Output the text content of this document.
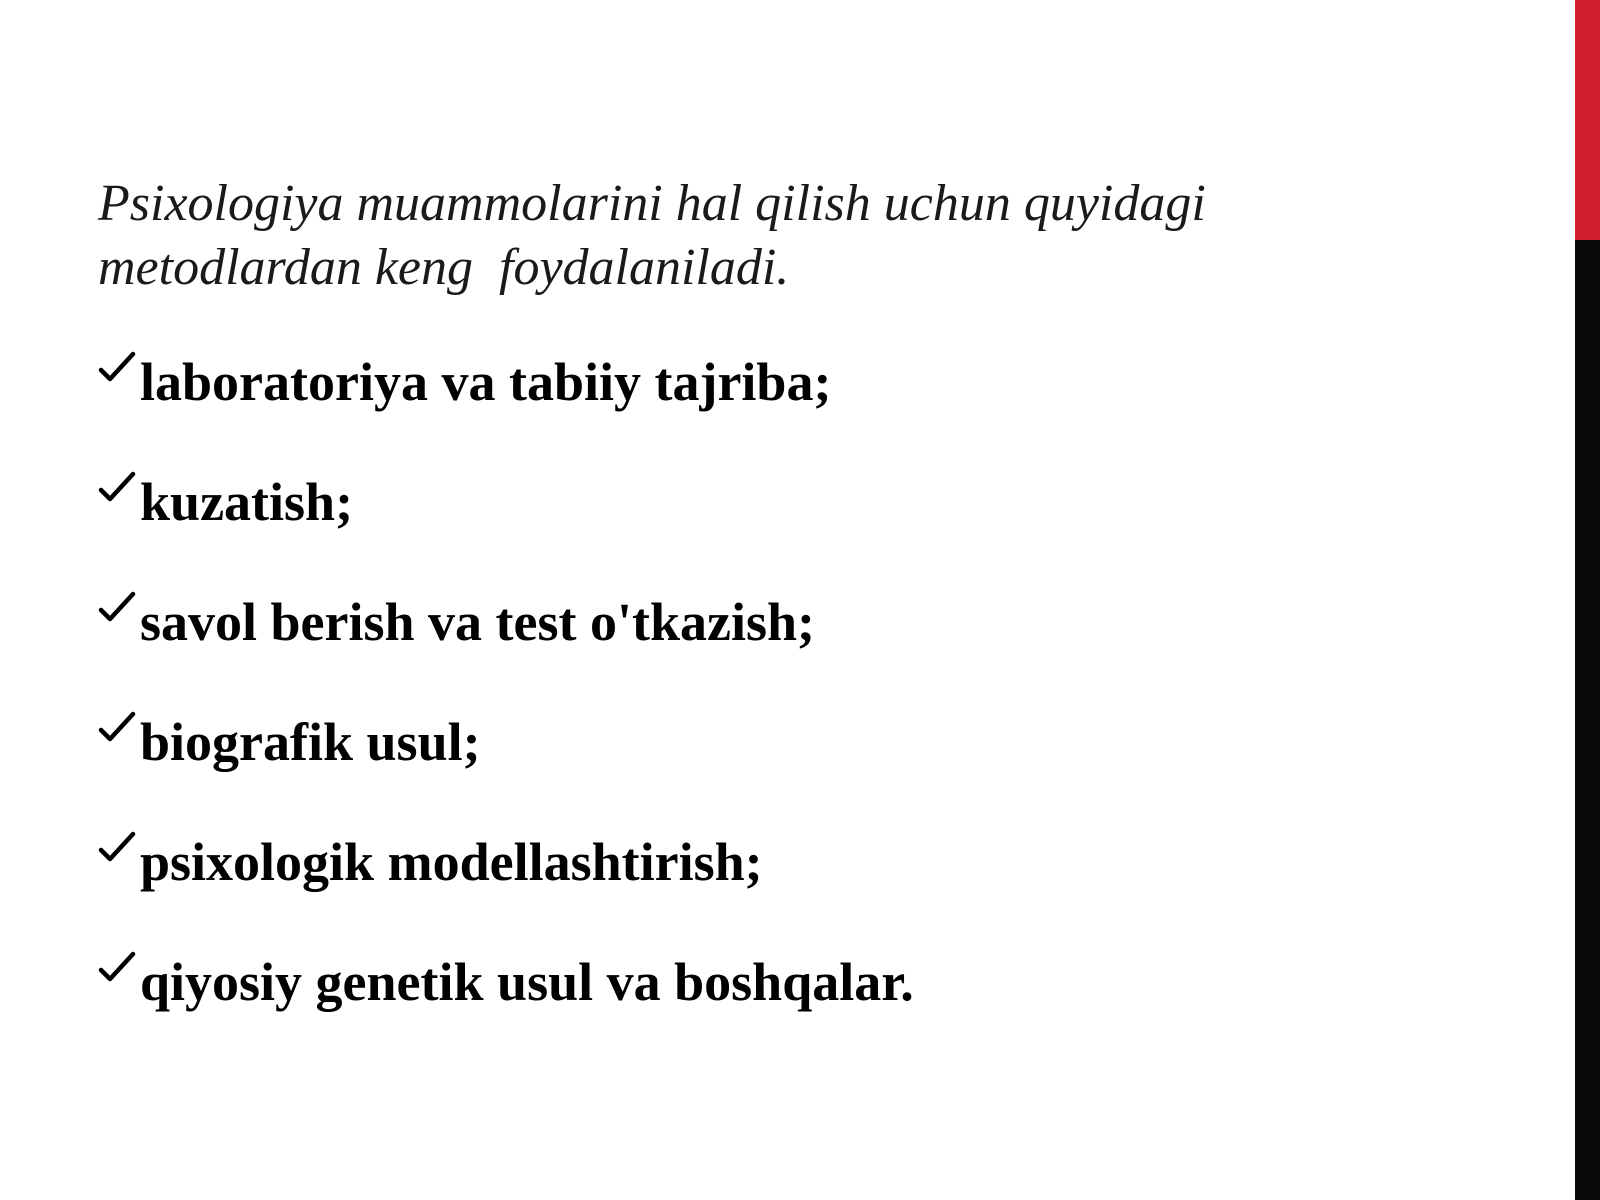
Psixologiya muammolarini hal qilish uchun quyidagi
metodlardan keng  foydalaniladi.

laboratoriya va tabiiy tajriba;
kuzatish;
savol berish va test o'tkazish;
biografik usul;
psixologik modellashtirish;
qiyosiy genetik usul va boshqalar.
